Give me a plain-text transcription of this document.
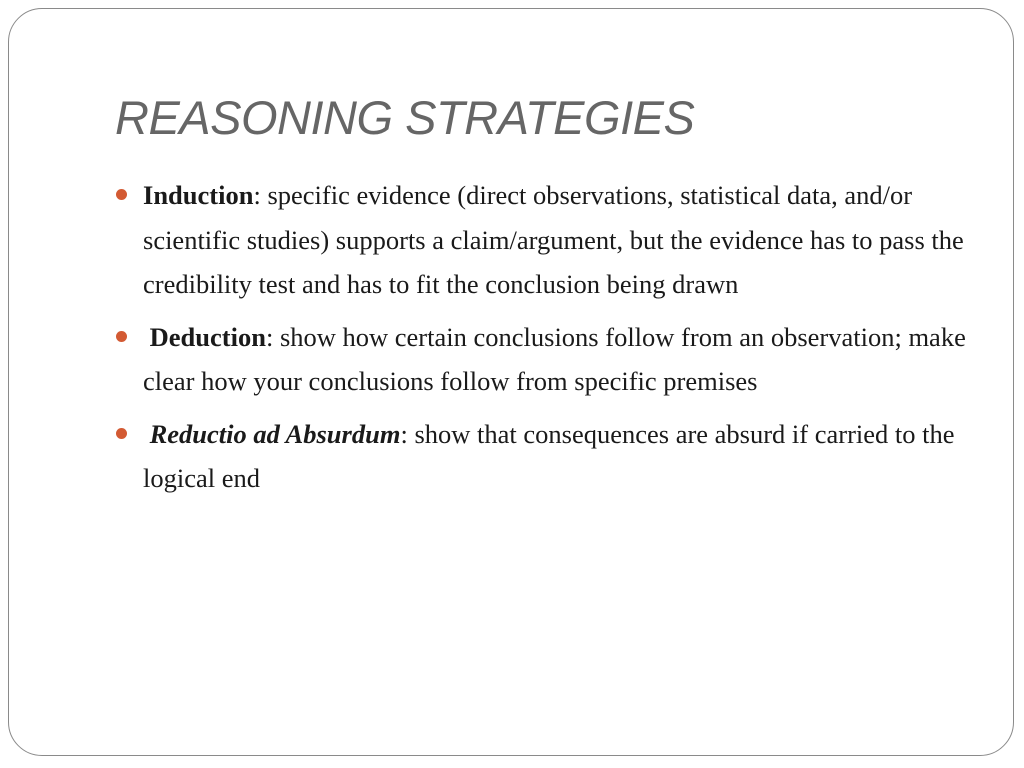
REASONING STRATEGIES
Induction: specific evidence (direct observations, statistical data, and/or scientific studies) supports a claim/argument, but the evidence has to pass the credibility test and has to fit the conclusion being drawn
Deduction: show how certain conclusions follow from an observation; make clear how your conclusions follow from specific premises
Reductio ad Absurdum: show that consequences are absurd if carried to the logical end
